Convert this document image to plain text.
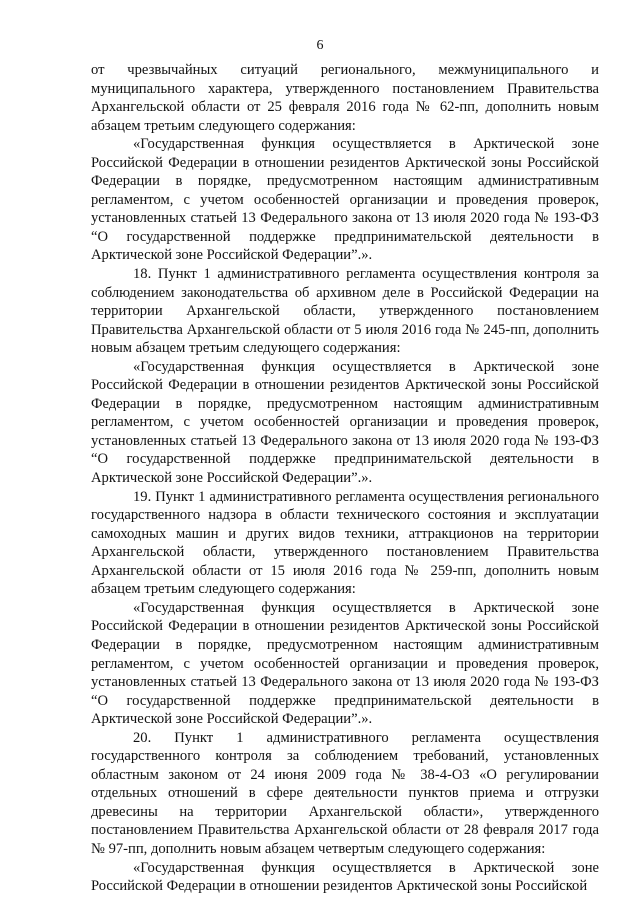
6

от чрезвычайных ситуаций регионального, межмуниципального и муниципального характера, утвержденного постановлением Правительства Архангельской области от 25 февраля 2016 года № 62-пп, дополнить новым абзацем третьим следующего содержания:

«Государственная функция осуществляется в Арктической зоне Российской Федерации в отношении резидентов Арктической зоны Российской Федерации в порядке, предусмотренном настоящим административным регламентом, с учетом особенностей организации и проведения проверок, установленных статьей 13 Федерального закона от 13 июля 2020 года № 193-ФЗ “О государственной поддержке предпринимательской деятельности в Арктической зоне Российской Федерации”.».

18. Пункт 1 административного регламента осуществления контроля за соблюдением законодательства об архивном деле в Российской Федерации на территории Архангельской области, утвержденного постановлением Правительства Архангельской области от 5 июля 2016 года № 245-пп, дополнить новым абзацем третьим следующего содержания:

«Государственная функция осуществляется в Арктической зоне Российской Федерации в отношении резидентов Арктической зоны Российской Федерации в порядке, предусмотренном настоящим административным регламентом, с учетом особенностей организации и проведения проверок, установленных статьей 13 Федерального закона от 13 июля 2020 года № 193-ФЗ “О государственной поддержке предпринимательской деятельности в Арктической зоне Российской Федерации”.».

19. Пункт 1 административного регламента осуществления регионального государственного надзора в области технического состояния и эксплуатации самоходных машин и других видов техники, аттракционов на территории Архангельской области, утвержденного постановлением Правительства Архангельской области от 15 июля 2016 года № 259-пп, дополнить новым абзацем третьим следующего содержания:

«Государственная функция осуществляется в Арктической зоне Российской Федерации в отношении резидентов Арктической зоны Российской Федерации в порядке, предусмотренном настоящим административным регламентом, с учетом особенностей организации и проведения проверок, установленных статьей 13 Федерального закона от 13 июля 2020 года № 193-ФЗ “О государственной поддержке предпринимательской деятельности в Арктической зоне Российской Федерации”.».

20. Пункт 1 административного регламента осуществления государственного контроля за соблюдением требований, установленных областным законом от 24 июня 2009 года № 38-4-ОЗ «О регулировании отдельных отношений в сфере деятельности пунктов приема и отгрузки древесины на территории Архангельской области», утвержденного постановлением Правительства Архангельской области от 28 февраля 2017 года № 97-пп, дополнить новым абзацем четвертым следующего содержания:

«Государственная функция осуществляется в Арктической зоне Российской Федерации в отношении резидентов Арктической зоны Российской
